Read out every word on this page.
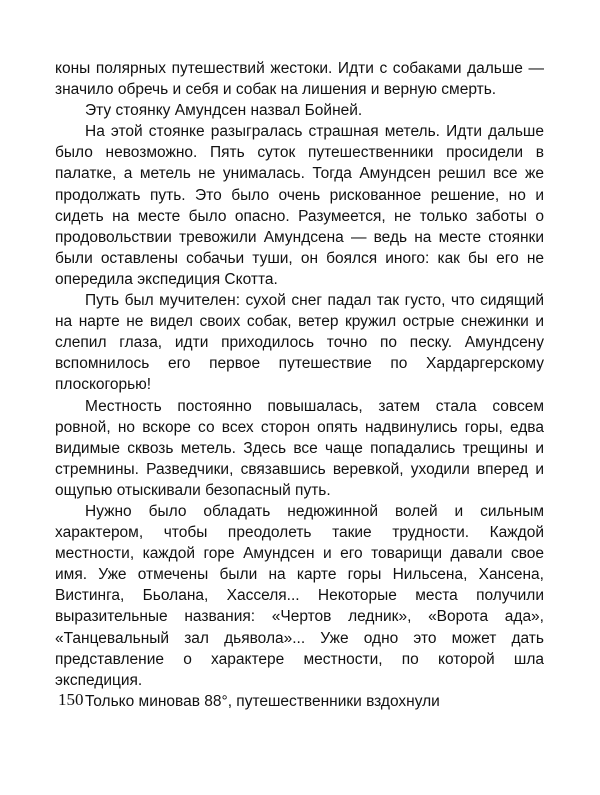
коны полярных путешествий жестоки. Идти с собаками дальше — значило обречь и себя и собак на лишения и верную смерть.

Эту стоянку Амундсен назвал Бойней.

На этой стоянке разыгралась страшная метель. Идти дальше было невозможно. Пять суток путешественники просидели в палатке, а метель не унималась. Тогда Амундсен решил все же продолжать путь. Это было очень рискованное решение, но и сидеть на месте было опасно. Разумеется, не только заботы о продовольствии тревожили Амундсена — ведь на месте стоянки были оставлены собачьи туши, он боялся иного: как бы его не опередила экспедиция Скотта.

Путь был мучителен: сухой снег падал так густо, что сидящий на нарте не видел своих собак, ветер кружил острые снежинки и слепил глаза, идти приходилось точно по песку. Амундсену вспомнилось его первое путешествие по Хардаргерскому плоскогорью!

Местность постоянно повышалась, затем стала совсем ровной, но вскоре со всех сторон опять надвинулись горы, едва видимые сквозь метель. Здесь все чаще попадались трещины и стремнины. Разведчики, связавшись веревкой, уходили вперед и ощупью отыскивали безопасный путь.

Нужно было обладать недюжинной волей и сильным характером, чтобы преодолеть такие трудности. Каждой местности, каждой горе Амундсен и его товарищи давали свое имя. Уже отмечены были на карте горы Нильсена, Хансена, Вистинга, Бьолана, Хасселя... Некоторые места получили выразительные названия: «Чертов ледник», «Ворота ада», «Танцевальный зал дьявола»... Уже одно это может дать представление о характере местности, по которой шла экспедиция.

Только миновав 88°, путешественники вздохнули

150
